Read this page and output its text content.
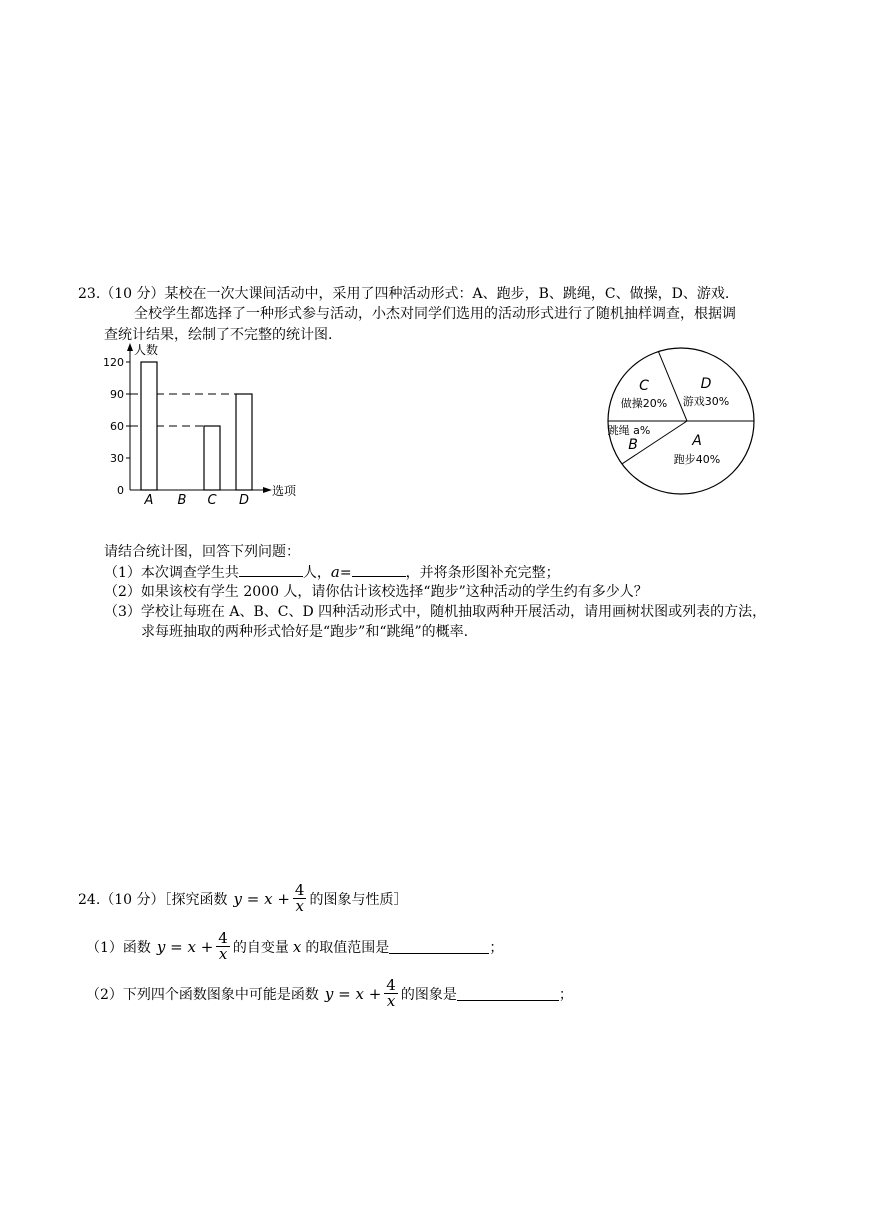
23.（10 分）某校在一次大课间活动中，采用了四种活动形式：A、跑步，B、跳绳，C、做操，D、游戏.
全校学生都选择了一种形式参与活动，小杰对同学们选用的活动形式进行了随机抽样调查，根据调
查统计结果，绘制了不完整的统计图.
0
30
60
90
120
A B C D
人数
选项
A
跑步40%
B
跳绳 a%
C
做操20%
D
游戏30%
请结合统计图，回答下列问题：
（1）本次调查学生共	人，a=	，并将条形图补充完整；
（2）如果该校有学生 2000 人，请你估计该校选择“跑步”这种活动的学生约有多少人？
（3）学校让每班在 A、B、C、D 四种活动形式中，随机抽取两种开展活动，请用画树状图或列表的方法，
求每班抽取的两种形式恰好是“跑步”和“跳绳”的概率.
24.（10 分）［探究函数 $y = x + \frac{4}{x}$ 的图象与性质］
（1）函数 $y = x + \frac{4}{x}$ 的自变量 x 的取值范围是	；
（2）下列四个函数图象中可能是函数 $y = x + \frac{4}{x}$ 的图象是	；
